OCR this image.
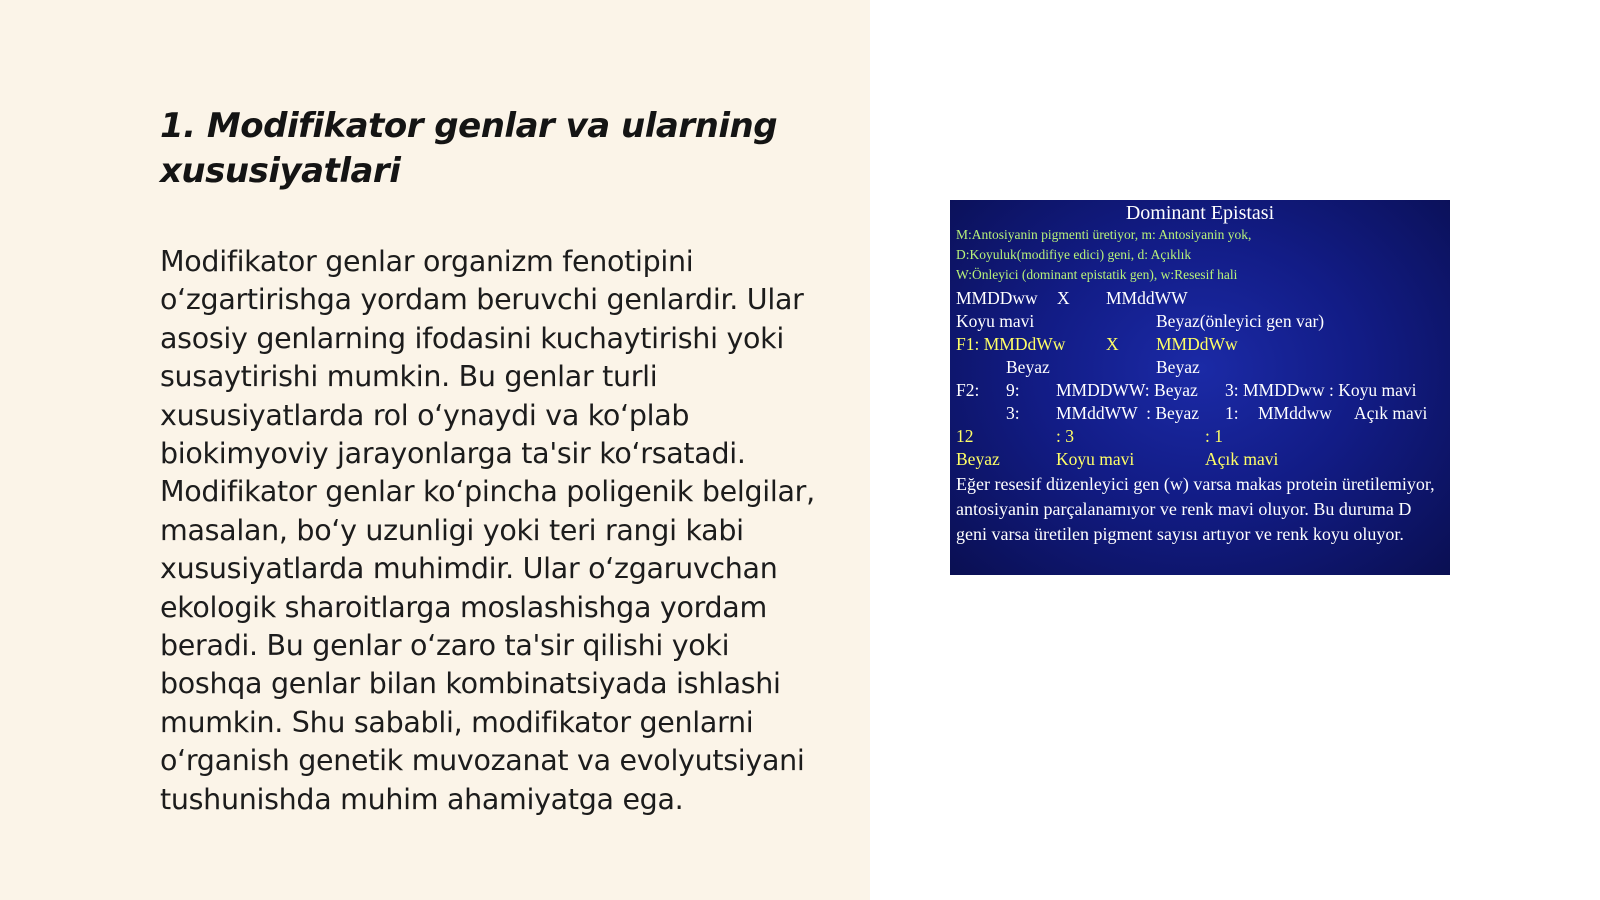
1. Modifikator genlar va ularning xususiyatlari

Modifikator genlar organizm fenotipini o‘zgartirishga yordam beruvchi genlardir. Ular asosiy genlarning ifodasini kuchaytirishi yoki susaytirishi mumkin. Bu genlar turli xususiyatlarda rol o‘ynaydi va ko‘plab biokimyoviy jarayonlarga ta'sir ko‘rsatadi. Modifikator genlar ko‘pincha poligenik belgilar, masalan, bo‘y uzunligi yoki teri rangi kabi xususiyatlarda muhimdir. Ular o‘zgaruvchan ekologik sharoitlarga moslashishga yordam beradi. Bu genlar o‘zaro ta'sir qilishi yoki boshqa genlar bilan kombinatsiyada ishlashi mumkin. Shu sababli, modifikator genlarni o‘rganish genetik muvozanat va evolyutsiyani tushunishda muhim ahamiyatga ega.

Dominant Epistasi
M:Antosiyanin pigmenti üretiyor, m: Antosiyanin yok,
D:Koyuluk(modifiye edici) geni, d: Açıklık
W:Önleyici (dominant epistatik gen), w:Resesif hali
MMDDww X MMddWW
Koyu mavi	Beyaz(önleyici gen var)
F1: MMDdWw X MMDdWw
Beyaz	Beyaz
F2: 9: MMDDWW: Beyaz 3: MMDDww : Koyu mavi
3: MMddWW  : Beyaz 1: MMddww Açık mavi
12	: 3	: 1
Beyaz	Koyu mavi	Açık mavi

Eğer resesif düzenleyici gen (w) varsa makas protein üretilemiyor, antosiyanin parçalanamıyor ve renk mavi oluyor. Bu duruma D geni varsa üretilen pigment sayısı artıyor ve renk koyu oluyor.
